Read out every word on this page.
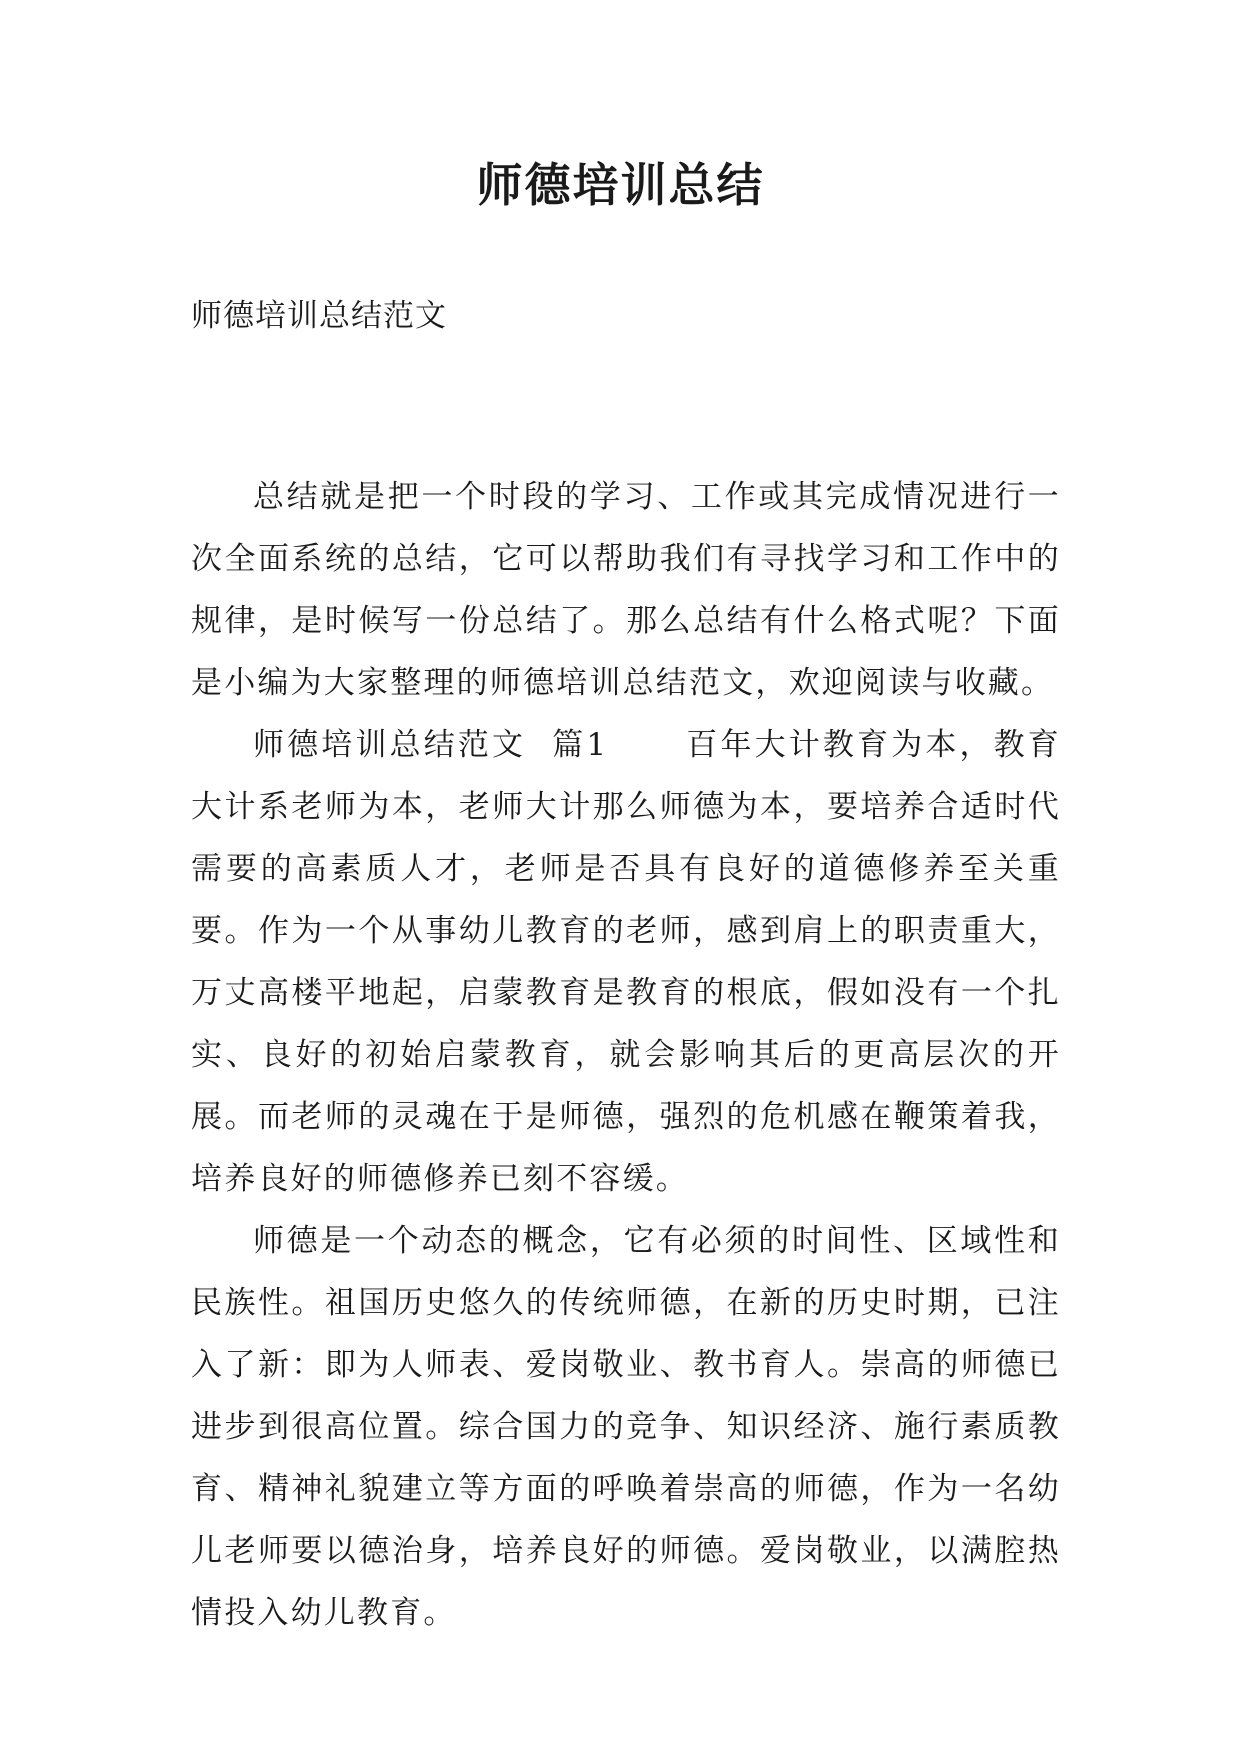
师德培训总结
师德培训总结范文

总结就是把一个时段的学习、工作或其完成情况进行一次全面系统的总结，它可以帮助我们有寻找学习和工作中的规律，是时候写一份总结了。那么总结有什么格式呢？下面是小编为大家整理的师德培训总结范文，欢迎阅读与收藏。

师德培训总结范文  篇1      百年大计教育为本，教育大计系老师为本，老师大计那么师德为本，要培养合适时代需要的高素质人才，老师是否具有良好的道德修养至关重要。作为一个从事幼儿教育的老师，感到肩上的职责重大，万丈高楼平地起，启蒙教育是教育的根底，假如没有一个扎实、良好的初始启蒙教育，就会影响其后的更高层次的开展。而老师的灵魂在于是师德，强烈的危机感在鞭策着我，培养良好的师德修养已刻不容缓。

师德是一个动态的概念，它有必须的时间性、区域性和民族性。祖国历史悠久的传统师德，在新的历史时期，已注入了新：即为人师表、爱岗敬业、教书育人。崇高的师德已进步到很高位置。综合国力的竞争、知识经济、施行素质教育、精神礼貌建立等方面的呼唤着崇高的师德，作为一名幼儿老师要以德治身，培养良好的师德。爱岗敬业，以满腔热情投入幼儿教育。
